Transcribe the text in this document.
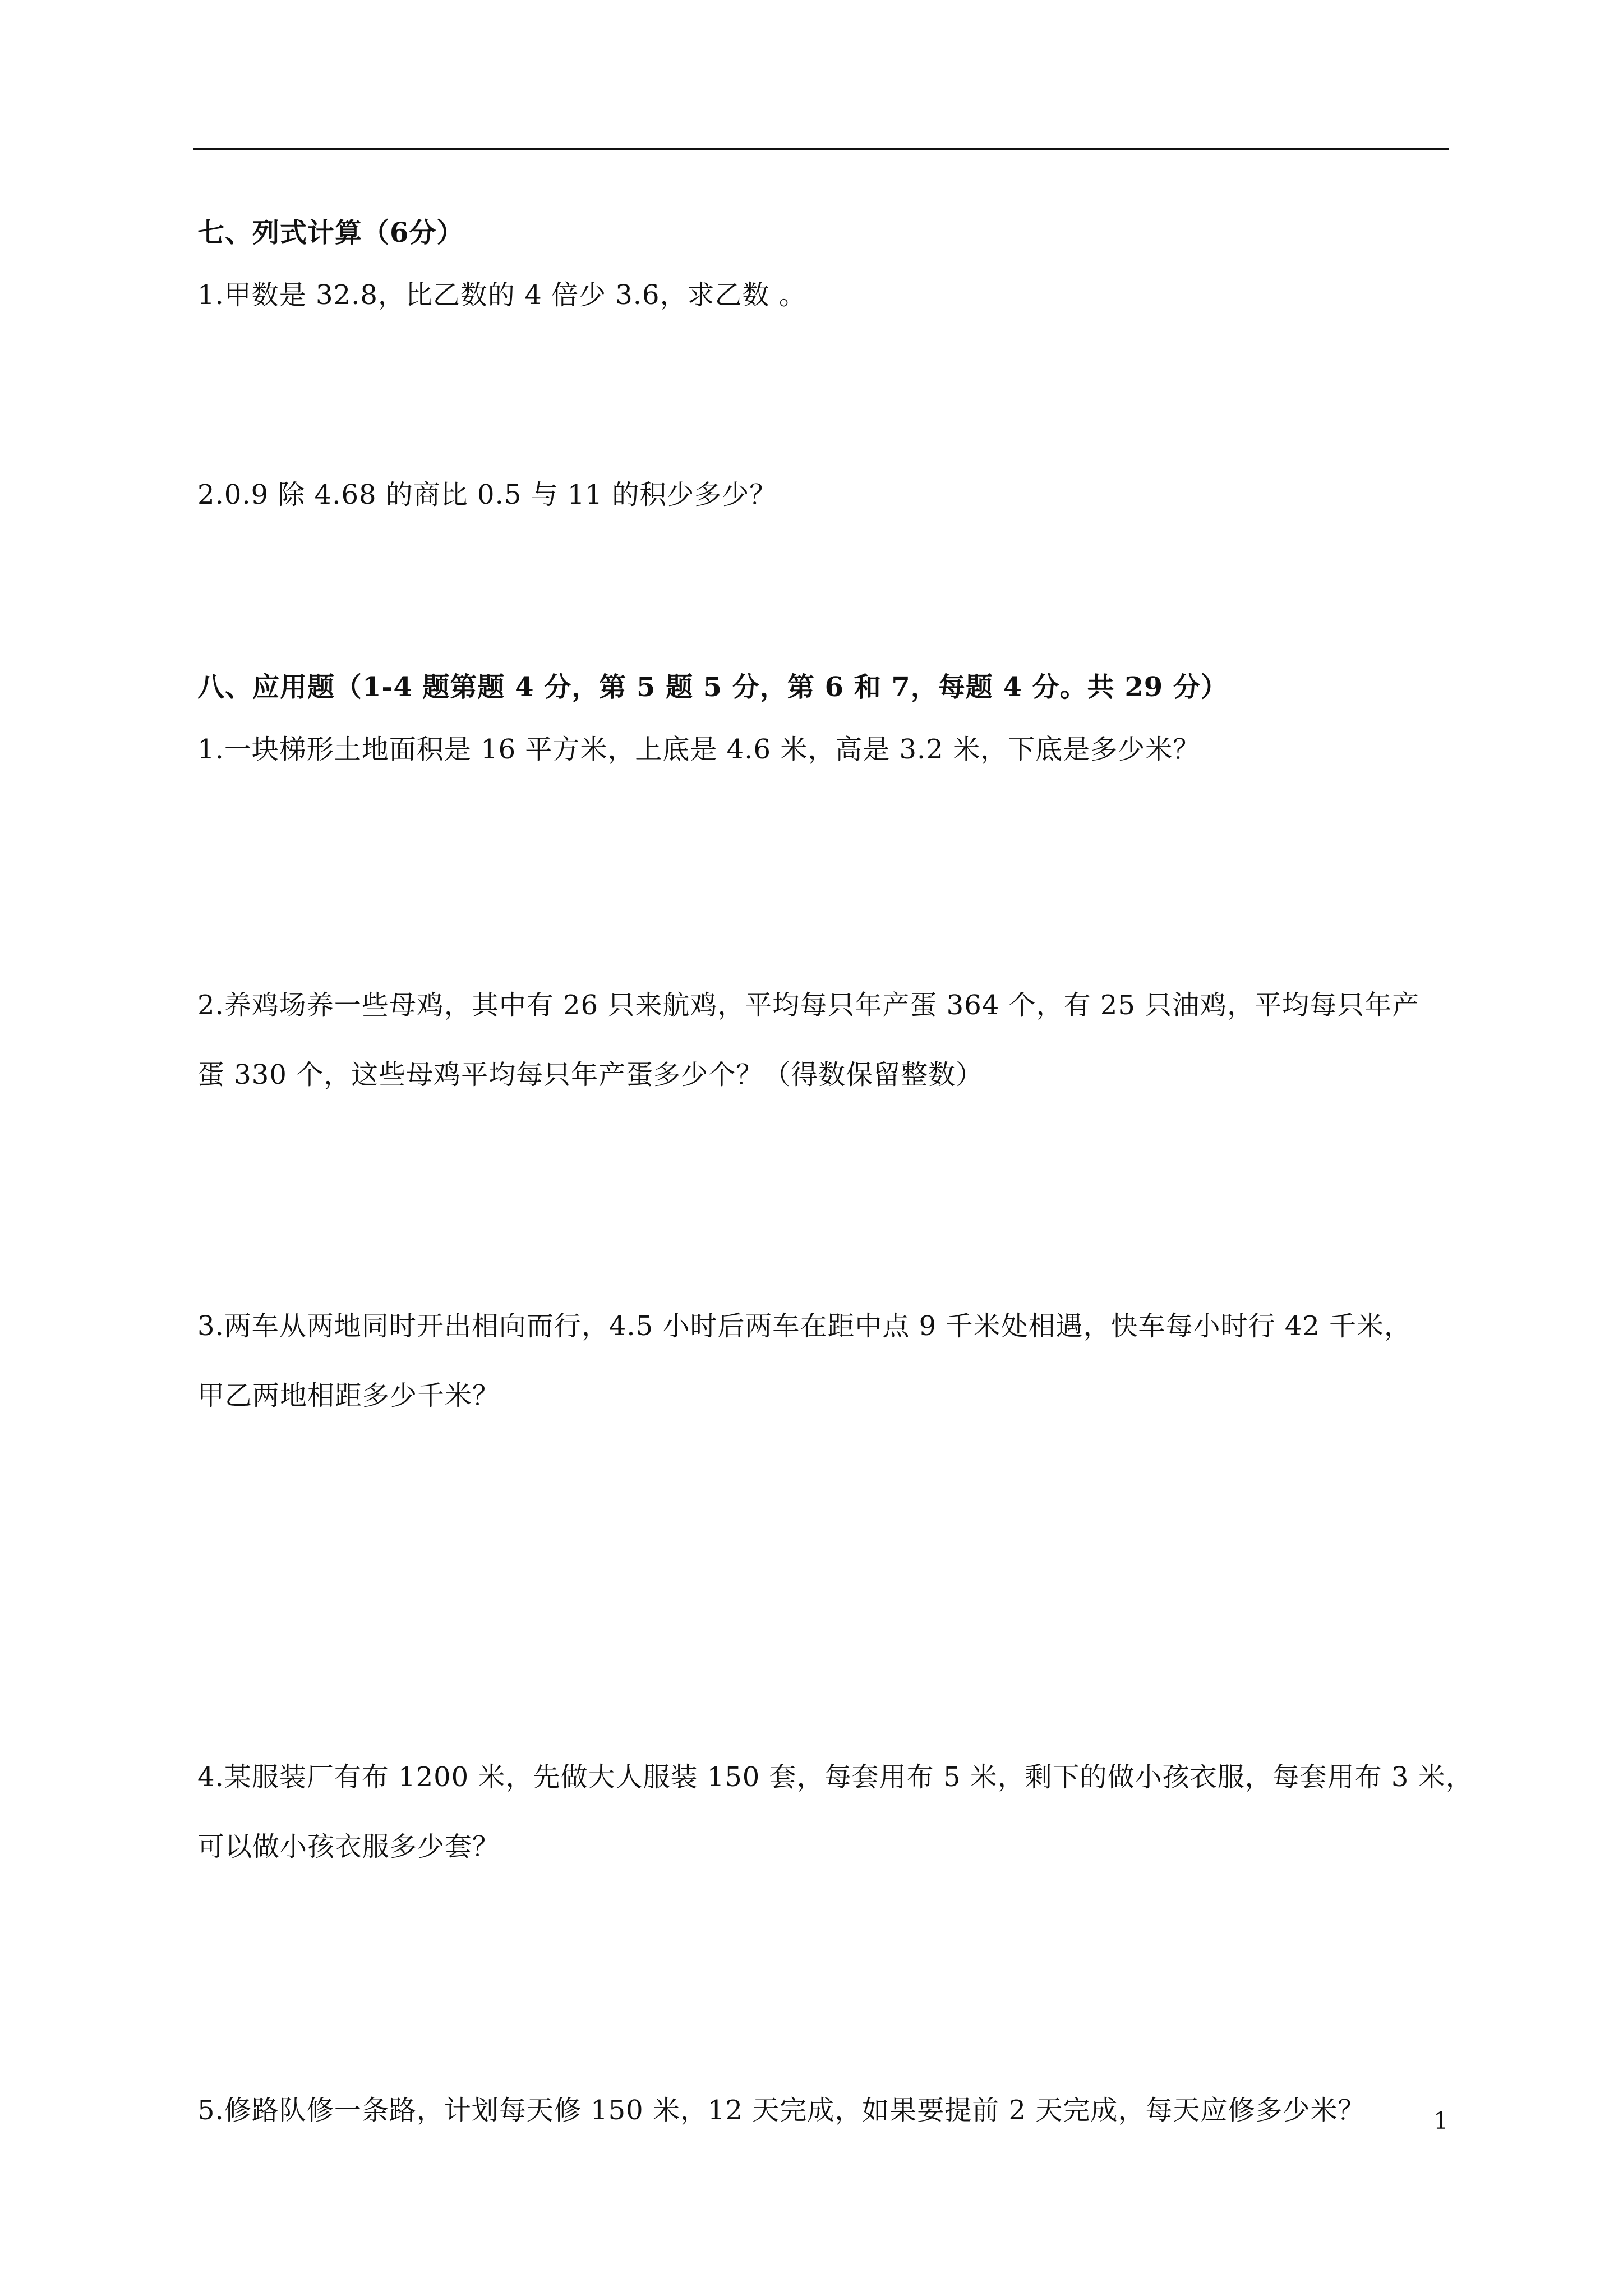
七、列式计算（6分）
1.甲数是 32.8，比乙数的 4 倍少 3.6，求乙数 。
2.0.9 除 4.68 的商比 0.5 与 11 的积少多少？
八、应用题（1-4 题第题 4 分，第 5 题 5 分，第 6 和 7，每题 4 分。共 29 分）
1.一块梯形土地面积是 16 平方米，上底是 4.6 米，高是 3.2 米，下底是多少米？
2.养鸡场养一些母鸡，其中有 26 只来航鸡，平均每只年产蛋 364 个，有 25 只油鸡，平均每只年产
蛋 330 个，这些母鸡平均每只年产蛋多少个？（得数保留整数）
3.两车从两地同时开出相向而行，4.5 小时后两车在距中点 9 千米处相遇，快车每小时行 42 千米，
甲乙两地相距多少千米？
4.某服装厂有布 1200 米，先做大人服装 150 套，每套用布 5 米，剩下的做小孩衣服，每套用布 3 米，
可以做小孩衣服多少套？
5.修路队修一条路，计划每天修 150 米，12 天完成，如果要提前 2 天完成，每天应修多少米？	1
